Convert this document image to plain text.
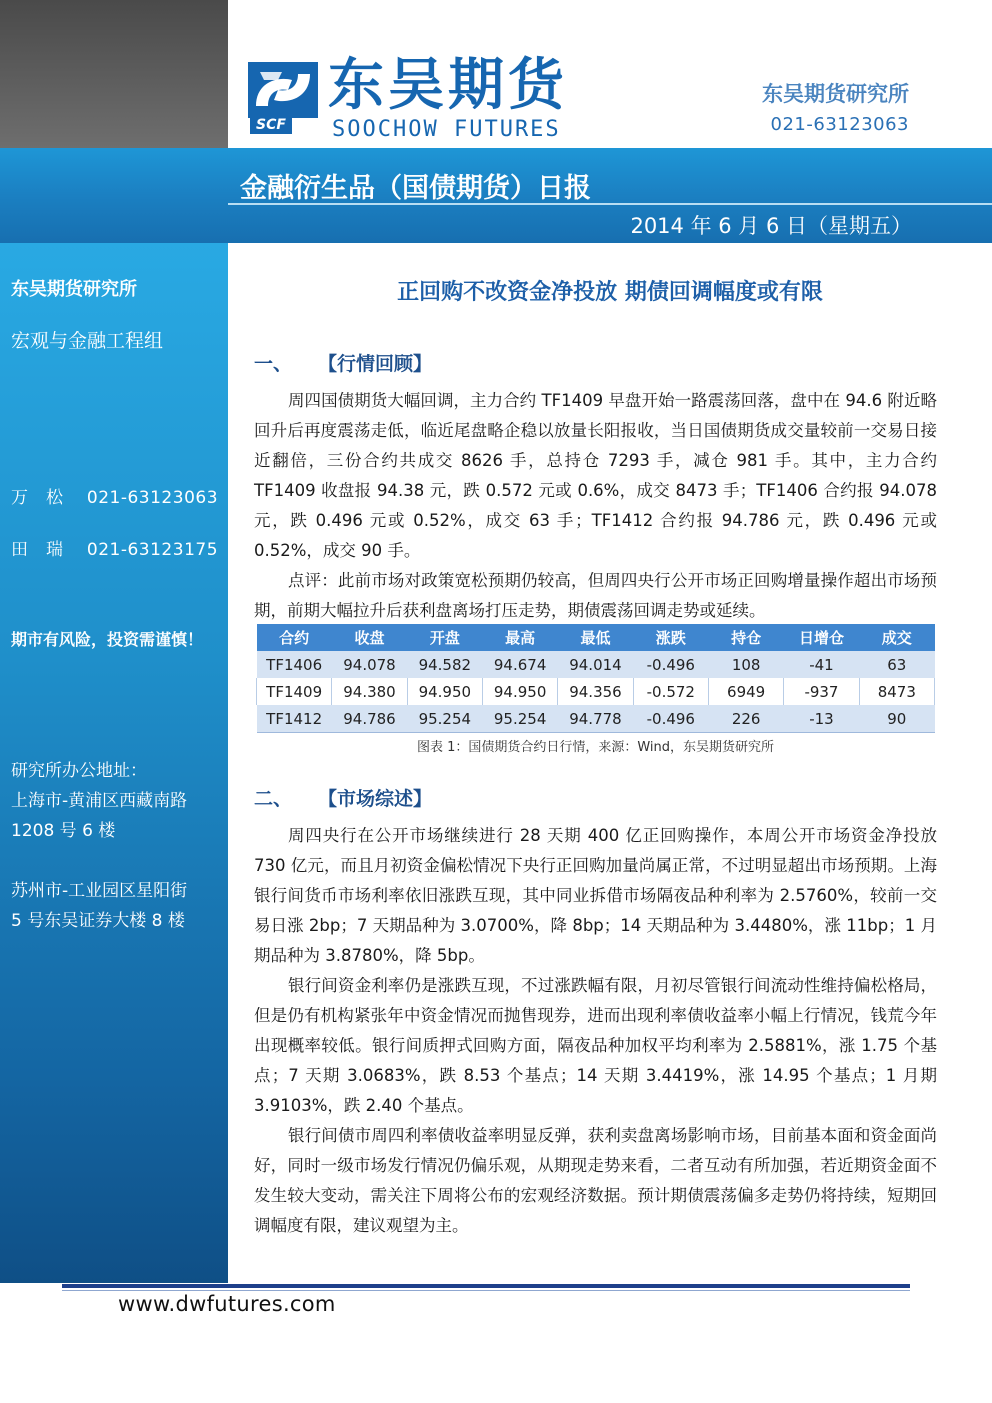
SCF
东吴期货
SOOCHOW FUTURES
东吴期货研究所
021-63123063
金融衍生品（国债期货）日报
2014 年 6 月 6 日（星期五）
东吴期货研究所
宏观与金融工程组
万松 021-63123063
田瑞 021-63123175
期市有风险，投资需谨慎！
研究所办公地址：
上海市-黄浦区西藏南路
1208 号 6 楼
苏州市-工业园区星阳街
5 号东吴证券大楼 8 楼
正回购不改资金净投放 期债回调幅度或有限
一、 【行情回顾】

周四国债期货大幅回调，主力合约 TF1409 早盘开始一路震荡回落，盘中在 94.6 附近略回升后再度震荡走低，临近尾盘略企稳以放量长阳报收，当日国债期货成交量较前一交易日接近翻倍，三份合约共成交 8626 手，总持仓 7293 手，减仓 981 手。其中，主力合约 TF1409 收盘报 94.38 元，跌 0.572 元或 0.6%，成交 8473 手；TF1406 合约报 94.078 元，跌 0.496 元或 0.52%，成交 63 手；TF1412 合约报 94.786 元，跌 0.496 元或 0.52%，成交 90 手。

点评：此前市场对政策宽松预期仍较高，但周四央行公开市场正回购增量操作超出市场预期，前期大幅拉升后获利盘离场打压走势，期债震荡回调走势或延续。

合约	收盘	开盘	最高	最低	涨跌	持仓	日增仓	成交
TF1406	94.078	94.582	94.674	94.014	-0.496	108	-41	63
TF1409	94.380	94.950	94.950	94.356	-0.572	6949	-937	8473
TF1412	94.786	95.254	95.254	94.778	-0.496	226	-13	90
图表 1：国债期货合约日行情，来源：Wind，东吴期货研究所
二、 【市场综述】

周四央行在公开市场继续进行 28 天期 400 亿正回购操作，本周公开市场资金净投放 730 亿元，而且月初资金偏松情况下央行正回购加量尚属正常，不过明显超出市场预期。上海银行间货币市场利率依旧涨跌互现，其中同业拆借市场隔夜品种利率为 2.5760%，较前一交易日涨 2bp；7 天期品种为 3.0700%，降 8bp；14 天期品种为 3.4480%，涨 11bp；1 月期品种为 3.8780%，降 5bp。

银行间资金利率仍是涨跌互现，不过涨跌幅有限，月初尽管银行间流动性维持偏松格局，但是仍有机构紧张年中资金情况而抛售现券，进而出现利率债收益率小幅上行情况，钱荒今年出现概率较低。银行间质押式回购方面，隔夜品种加权平均利率为 2.5881%，涨 1.75 个基点；7 天期 3.0683%，跌 8.53 个基点；14 天期 3.4419%，涨 14.95 个基点；1 月期 3.9103%，跌 2.40 个基点。

银行间债市周四利率债收益率明显反弹，获利卖盘离场影响市场，目前基本面和资金面尚好，同时一级市场发行情况仍偏乐观，从期现走势来看，二者互动有所加强，若近期资金面不发生较大变动，需关注下周将公布的宏观经济数据。预计期债震荡偏多走势仍将持续，短期回调幅度有限，建议观望为主。

www.dwfutures.com
